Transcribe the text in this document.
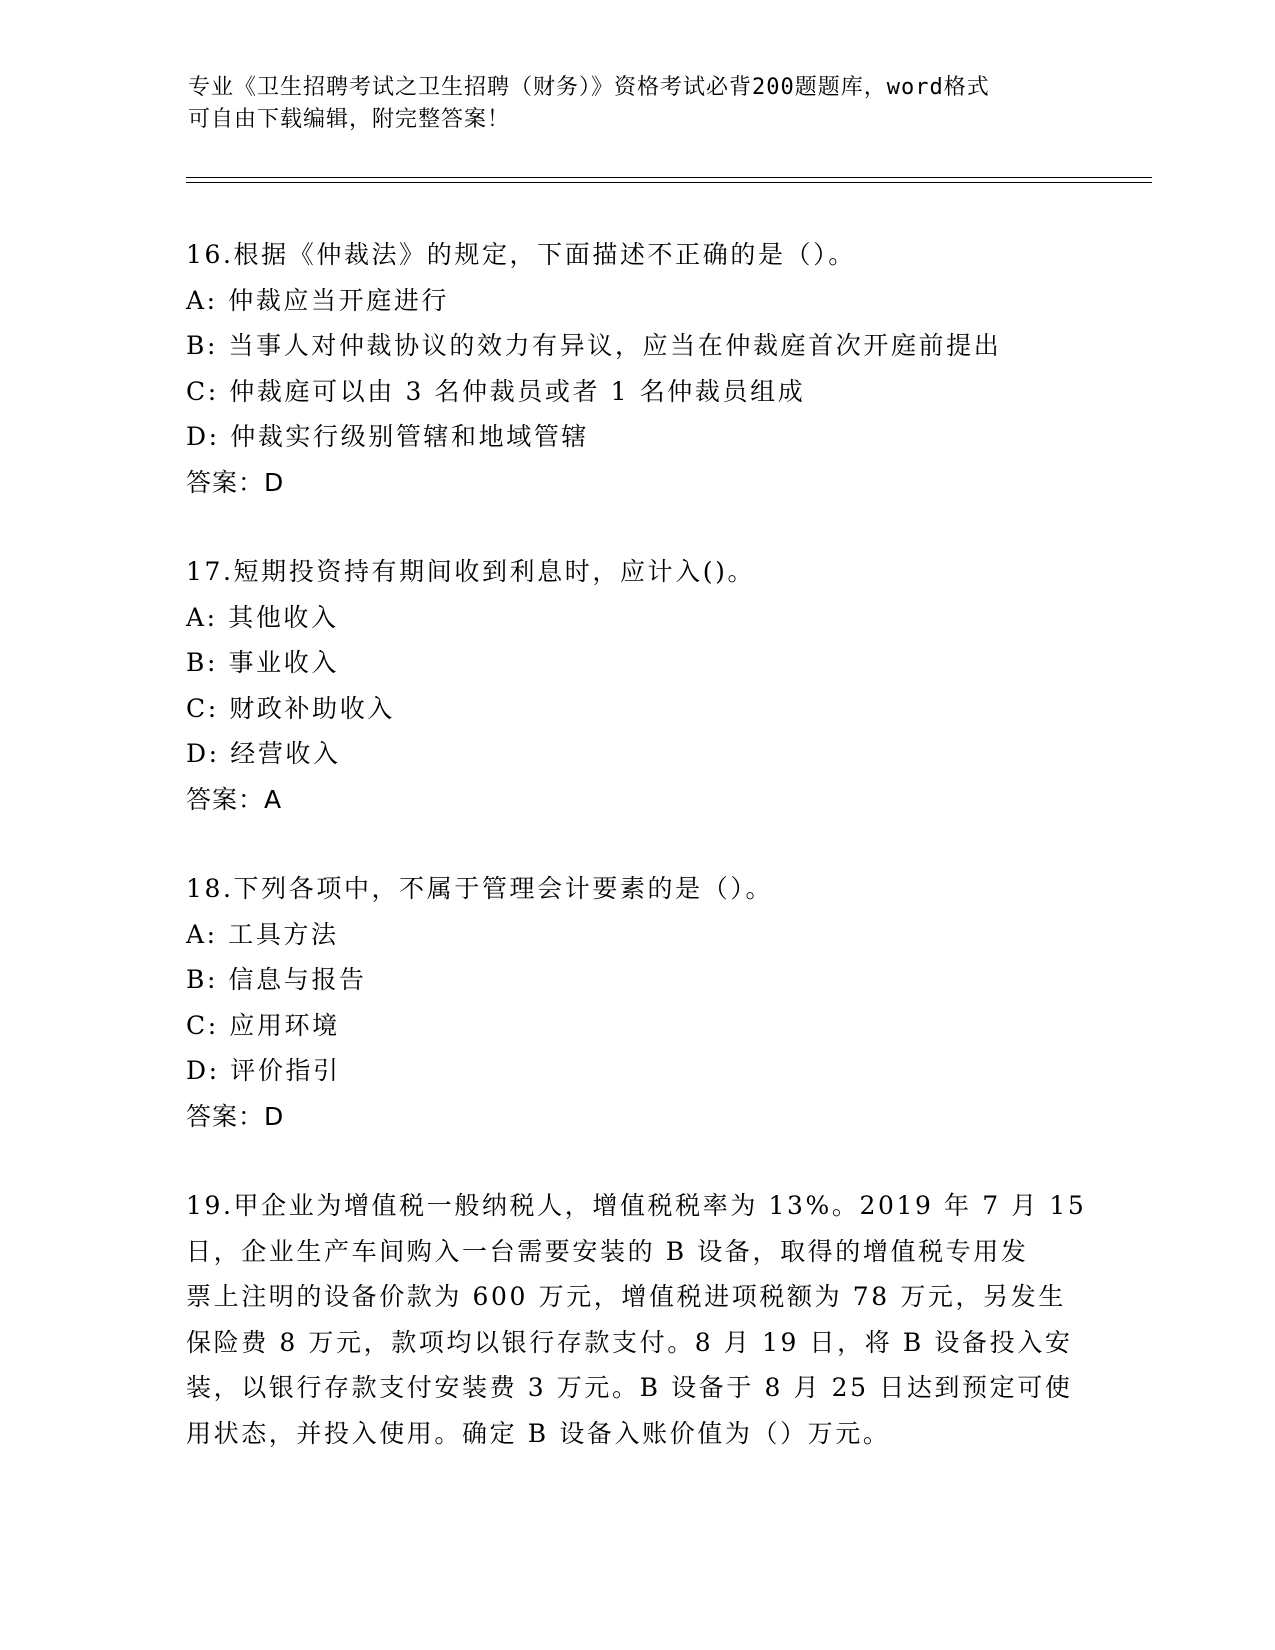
专业《卫生招聘考试之卫生招聘（财务）》资格考试必背200题题库，word格式
可自由下载编辑，附完整答案！
16.根据《仲裁法》的规定，下面描述不正确的是（）。
A: 仲裁应当开庭进行
B: 当事人对仲裁协议的效力有异议，应当在仲裁庭首次开庭前提出
C: 仲裁庭可以由 3 名仲裁员或者 1 名仲裁员组成
D: 仲裁实行级别管辖和地域管辖
答案：D
17.短期投资持有期间收到利息时，应计入()。
A: 其他收入
B: 事业收入
C: 财政补助收入
D: 经营收入
答案：A
18.下列各项中，不属于管理会计要素的是（）。
A: 工具方法
B: 信息与报告
C: 应用环境
D: 评价指引
答案：D
19.甲企业为增值税一般纳税人，增值税税率为 13%。2019 年 7 月 15
日，企业生产车间购入一台需要安装的 B 设备，取得的增值税专用发
票上注明的设备价款为 600 万元，增值税进项税额为 78 万元，另发生
保险费 8 万元，款项均以银行存款支付。8 月 19 日，将 B 设备投入安
装，以银行存款支付安装费 3 万元。B 设备于 8 月 25 日达到预定可使
用状态，并投入使用。确定 B 设备入账价值为（）万元。
